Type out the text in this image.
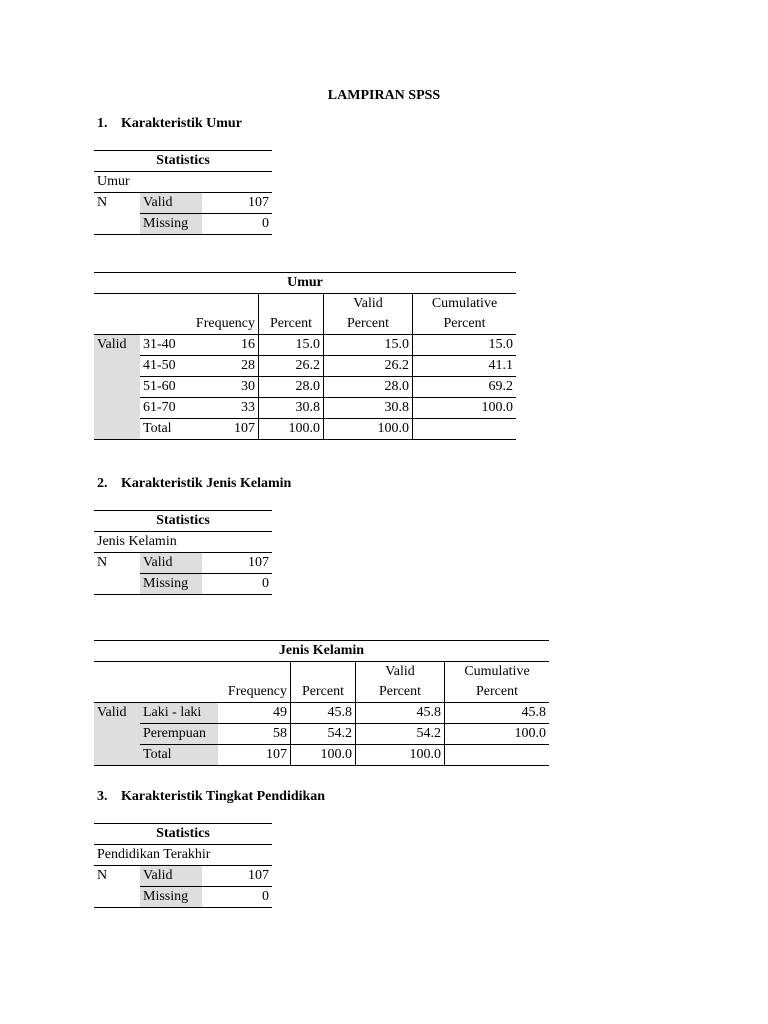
LAMPIRAN SPSS
1. Karakteristik Umur
Statistics		
Umur		
N	Valid	107
	Missing	0
Umur					
				Valid	Cumulative
		Frequency	Percent	Percent	Percent
Valid	31-40	16	15.0	15.0	15.0
	41-50	28	26.2	26.2	41.1
	51-60	30	28.0	28.0	69.2
	61-70	33	30.8	30.8	100.0
	Total	107	100.0	100.0	
2. Karakteristik Jenis Kelamin
Statistics		
Jenis Kelamin		
N	Valid	107
	Missing	0
Jenis Kelamin					
				Valid	Cumulative
		Frequency	Percent	Percent	Percent
Valid	Laki - laki	49	45.8	45.8	45.8
	Perempuan	58	54.2	54.2	100.0
	Total	107	100.0	100.0	
3. Karakteristik Tingkat Pendidikan
Statistics		
Pendidikan Terakhir		
N	Valid	107
	Missing	0
